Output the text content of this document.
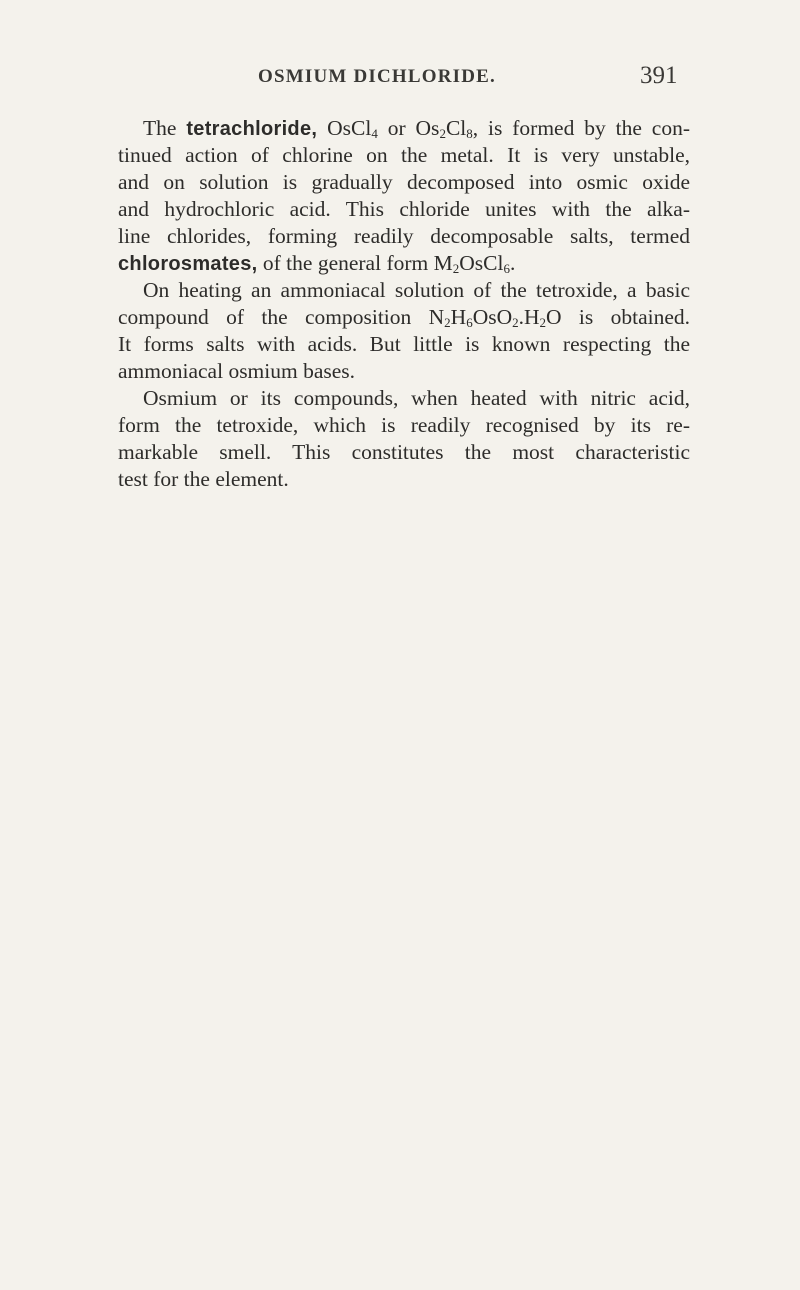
OSMIUM DICHLORIDE.	391
The tetrachloride, OsCl$_4$ or $Os_2Cl_8$, is formed by the con-
tinued action of chlorine on the metal. It is very unstable,
and on solution is gradually decomposed into osmic oxide
and hydrochloric acid. This chloride unites with the alka-
line chlorides, forming readily decomposable salts, termed
chlorosmates, of the general form $M_2OsCl_6$.
On heating an ammoniacal solution of the tetroxide, a basic
compound of the composition $N_2H_6OsO_2.H_2O$ is obtained.
It forms salts with acids. But little is known respecting the
ammoniacal osmium bases.
Osmium or its compounds, when heated with nitric acid,
form the tetroxide, which is readily recognised by its re-
markable smell. This constitutes the most characteristic
test for the element.
